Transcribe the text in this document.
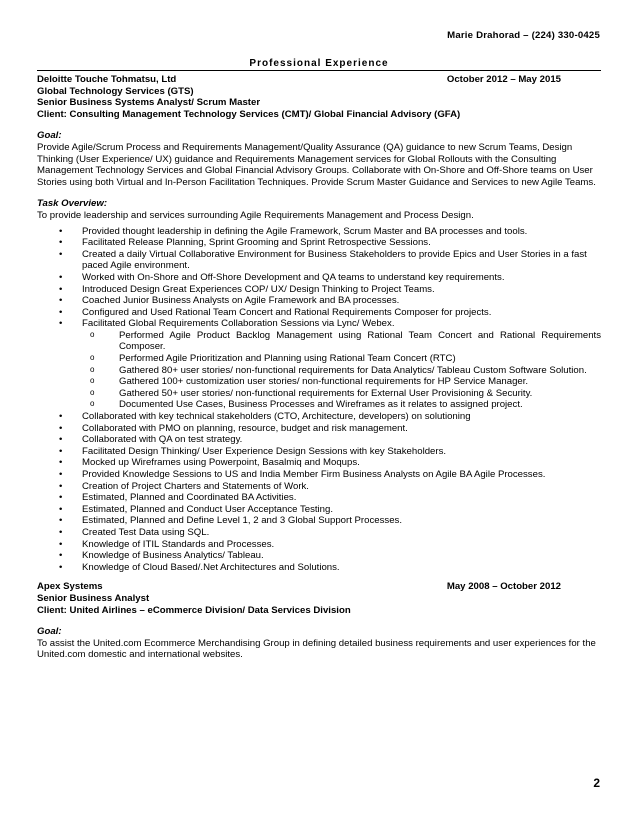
Marie Drahorad – (224) 330-0425
Professional Experience
Deloitte Touche Tohmatsu, Ltd	October 2012 – May 2015
Global Technology Services (GTS)
Senior Business Systems Analyst/ Scrum Master
Client: Consulting Management Technology Services (CMT)/ Global Financial Advisory (GFA)
Goal:

Provide Agile/Scrum Process and Requirements Management/Quality Assurance (QA) guidance to new Scrum Teams, Design Thinking (User Experience/ UX) guidance and Requirements Management services for Global Rollouts with the Consulting Management Technology Services and Global Financial Advisory Groups. Collaborate with On-Shore and Off-Shore teams on User Stories using both Virtual and In-Person Facilitation Techniques. Provide Scrum Master Guidance and Services to new Agile Teams.

Task Overview:

To provide leadership and services surrounding Agile Requirements Management and Process Design.

• Provided thought leadership in defining the Agile Framework, Scrum Master and BA processes and tools.
• Facilitated Release Planning, Sprint Grooming and Sprint Retrospective Sessions.
• Created a daily Virtual Collaborative Environment for Business Stakeholders to provide Epics and User Stories in a fast paced Agile environment.
• Worked with On-Shore and Off-Shore Development and QA teams to understand key requirements.
• Introduced Design Great Experiences COP/ UX/ Design Thinking to Project Teams.
• Coached Junior Business Analysts on Agile Framework and BA processes.
• Configured and Used Rational Team Concert and Rational Requirements Composer for projects.
• Facilitated Global Requirements Collaboration Sessions via Lync/ Webex.
o Performed Agile Product Backlog Management using Rational Team Concert and Rational Requirements Composer.
o Performed Agile Prioritization and Planning using Rational Team Concert (RTC)
o Gathered 80+ user stories/ non-functional requirements for Data Analytics/ Tableau Custom Software Solution.
o Gathered 100+ customization user stories/ non-functional requirements for HP Service Manager.
o Gathered 50+ user stories/ non-functional requirements for External User Provisioning & Security.
o Documented Use Cases, Business Processes and Wireframes as it relates to assigned project.
• Collaborated with key technical stakeholders (CTO, Architecture, developers) on solutioning
• Collaborated with PMO on planning, resource, budget and risk management.
• Collaborated with QA on test strategy.
• Facilitated Design Thinking/ User Experience Design Sessions with key Stakeholders.
• Mocked up Wireframes using Powerpoint, Basalmiq and Moqups.
• Provided Knowledge Sessions to US and India Member Firm Business Analysts on Agile BA Agile Processes.
• Creation of Project Charters and Statements of Work.
• Estimated, Planned and Coordinated BA Activities.
• Estimated, Planned and Conduct User Acceptance Testing.
• Estimated, Planned and Define Level 1, 2 and 3 Global Support Processes.
• Created Test Data using SQL.
• Knowledge of ITIL Standards and Processes.
• Knowledge of Business Analytics/ Tableau.
• Knowledge of Cloud Based/.Net Architectures and Solutions.
Apex Systems	May 2008 – October 2012
Senior Business Analyst
Client: United Airlines – eCommerce Division/ Data Services Division
Goal:

To assist the United.com Ecommerce Merchandising Group in defining detailed business requirements and user experiences for the United.com domestic and international websites.

2
